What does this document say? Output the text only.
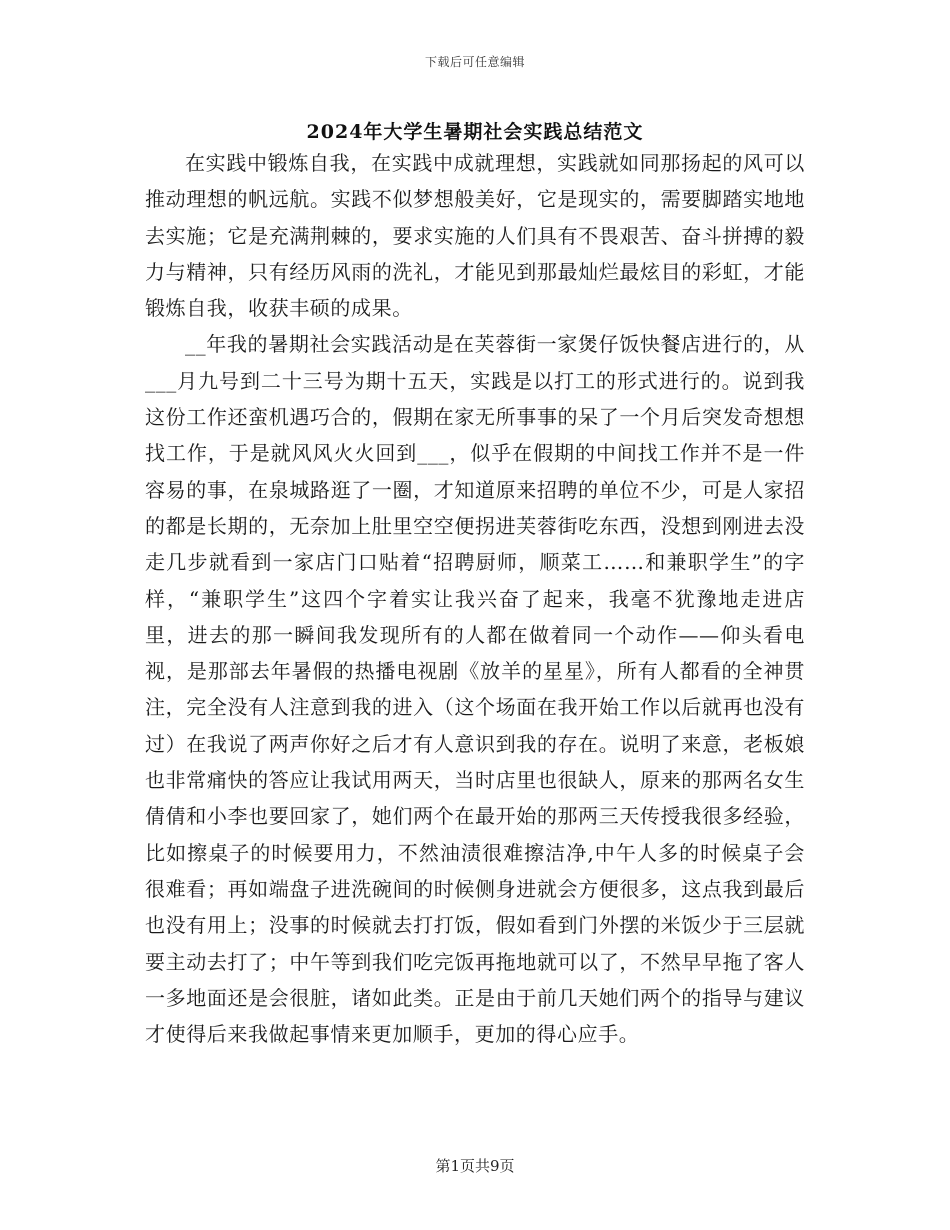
下载后可任意编辑
2024年大学生暑期社会实践总结范文

在实践中锻炼自我，在实践中成就理想，实践就如同那扬起的风可以推动理想的帆远航。实践不似梦想般美好，它是现实的，需要脚踏实地地去实施；它是充满荆棘的，要求实施的人们具有不畏艰苦、奋斗拼搏的毅力与精神，只有经历风雨的洗礼，才能见到那最灿烂最炫目的彩虹，才能锻炼自我，收获丰硕的成果。

__年我的暑期社会实践活动是在芙蓉街一家煲仔饭快餐店进行的，从___月九号到二十三号为期十五天，实践是以打工的形式进行的。说到我这份工作还蛮机遇巧合的，假期在家无所事事的呆了一个月后突发奇想想找工作，于是就风风火火回到___，似乎在假期的中间找工作并不是一件容易的事，在泉城路逛了一圈，才知道原来招聘的单位不少，可是人家招的都是长期的，无奈加上肚里空空便拐进芙蓉街吃东西，没想到刚进去没走几步就看到一家店门口贴着“招聘厨师，顺菜工……和兼职学生”的字样，“兼职学生”这四个字着实让我兴奋了起来，我毫不犹豫地走进店里，进去的那一瞬间我发现所有的人都在做着同一个动作——仰头看电视，是那部去年暑假的热播电视剧《放羊的星星》，所有人都看的全神贯注，完全没有人注意到我的进入（这个场面在我开始工作以后就再也没有过）在我说了两声你好之后才有人意识到我的存在。说明了来意，老板娘也非常痛快的答应让我试用两天，当时店里也很缺人，原来的那两名女生倩倩和小李也要回家了，她们两个在最开始的那两三天传授我很多经验，比如擦桌子的时候要用力，不然油渍很难擦洁净,中午人多的时候桌子会很难看；再如端盘子进洗碗间的时候侧身进就会方便很多，这点我到最后也没有用上；没事的时候就去打打饭，假如看到门外摆的米饭少于三层就要主动去打了；中午等到我们吃完饭再拖地就可以了，不然早早拖了客人一多地面还是会很脏，诸如此类。正是由于前几天她们两个的指导与建议才使得后来我做起事情来更加顺手，更加的得心应手。

第1页共9页
